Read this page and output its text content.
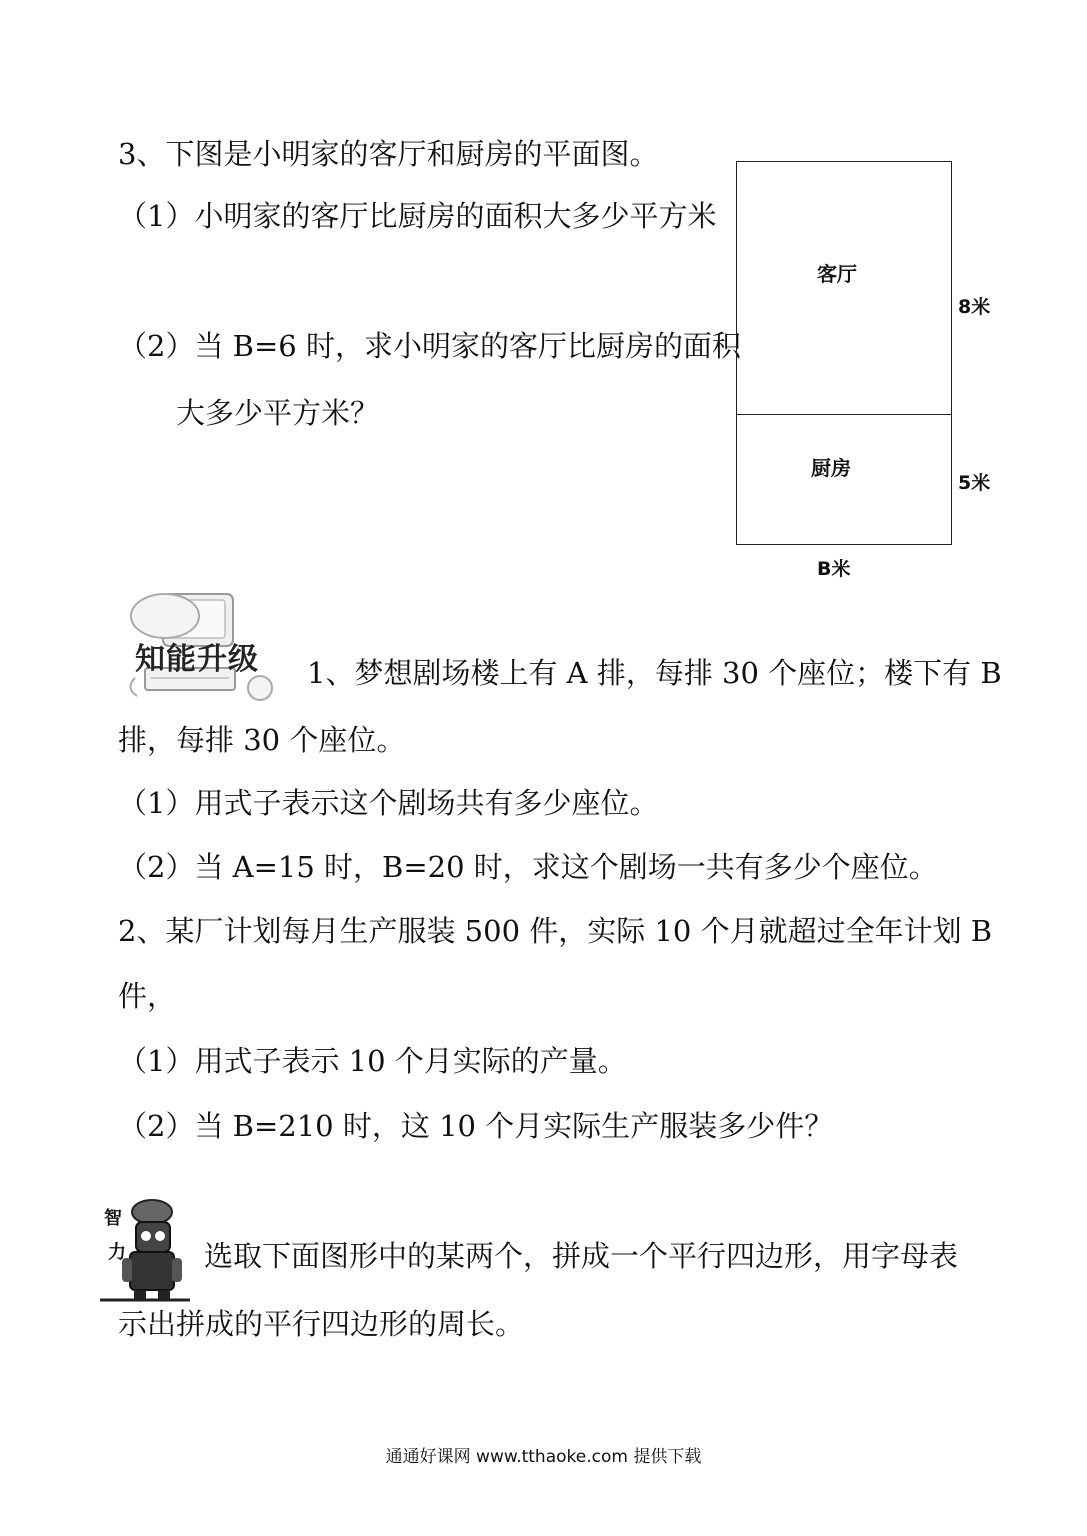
3、下图是小明家的客厅和厨房的平面图。
（1）小明家的客厅比厨房的面积大多少平方米
（2）当 B=6 时，求小明家的客厅比厨房的面积
大多少平方米？
客厅
厨房
8米
5米
B米
知能升级 1、梦想剧场楼上有 A 排，每排 30 个座位；楼下有 B
排，每排 30 个座位。
（1）用式子表示这个剧场共有多少座位。
（2）当 A=15 时，B=20 时，求这个剧场一共有多少个座位。
2、某厂计划每月生产服装 500 件，实际 10 个月就超过全年计划 B
件，
（1）用式子表示 10 个月实际的产量。
（2）当 B=210 时，这 10 个月实际生产服装多少件？
智
力	选取下面图形中的某两个，拼成一个平行四边形，用字母表
示出拼成的平行四边形的周长。
通通好课网 www.tthaoke.com 提供下载
